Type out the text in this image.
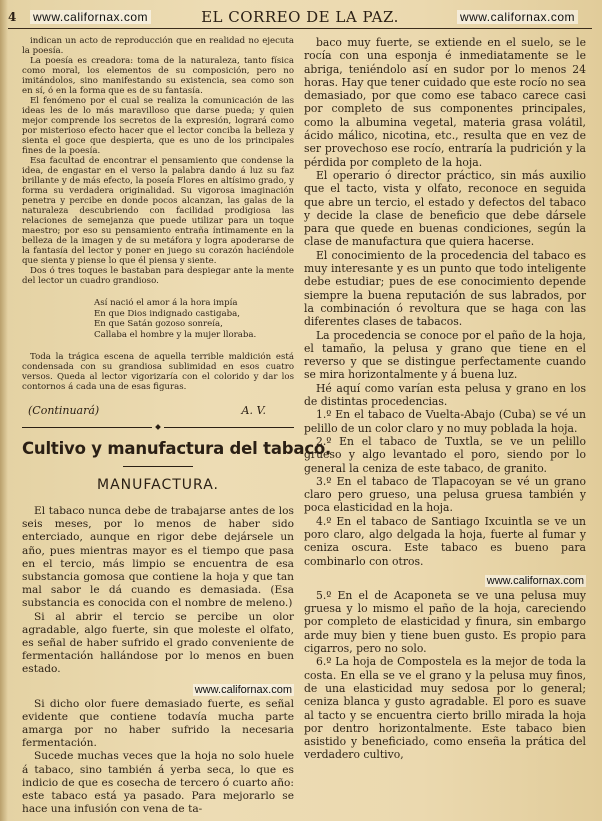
4 www.californax.com	EL CORREO DE LA PAZ.	www.californax.com

indican un acto de reproducción que en realidad no ejecuta la poesía.

La poesía es creadora: toma de la naturaleza, tanto física como moral, los elementos de su composición, pero no imitándolos, sino manifestando su existencia, sea como son en sí, ó en la forma que es de su fantasía.

El fenómeno por el cual se realiza la comunicación de las ideas les de lo más maravilloso que darse pueda; y quien mejor comprende los secretos de la expresión, logrará como por misterioso efecto hacer que el lector conciba la belleza y sienta el goce que despierta, que es uno de los principales fines de la poesía.

Esa facultad de encontrar el pensamiento que condense la idea, de engastar en el verso la palabra dando á luz su faz brillante y de más efecto, la poseía Flores en altísimo grado, y forma su verdadera originalidad. Su vigorosa imaginación penetra y percibe en donde pocos alcanzan, las galas de la naturaleza descubriendo con facilidad prodigiosa las relaciones de semejanza que puede utilizar para un toque maestro; por eso su pensamiento entraña íntimamente en la belleza de la imagen y de su metáfora y logra apoderarse de la fantasía del lector y poner en juego su corazón haciéndole que sienta y piense lo que él piensa y siente.

Dos ó tres toques le bastaban para despiegar ante la mente del lector un cuadro grandioso.

Así nació el amor á la hora impía
En que Dios indignado castigaba,
En que Satán gozoso sonreía,
Callaba el hombre y la mujer lloraba.

Toda la trágica escena de aquella terrible maldición está condensada con su grandiosa sublimidad en esos cuatro versos. Queda al lector vigorizaría con el colorido y dar los contornos á cada una de esas figuras.

(Continuará)	A. V.
Cultivo y manufactura del tabaco.
MANUFACTURA.

El tabaco nunca debe de trabajarse antes de los seis meses, por lo menos de haber sido enterciado, aunque en rigor debe dejársele un año, pues mientras mayor es el tiempo que pasa en el tercio, más limpio se encuentra de esa substancia gomosa que contiene la hoja y que tan mal sabor le dá cuando es demasiada. (Esa substancia es conocida con el nombre de meleno.)

Si al abrir el tercio se percibe un olor agradable, algo fuerte, sin que moleste el olfato, es señal de haber sufrido el grado conveniente de fermentación hallándose por lo menos en buen estado.

www.californax.com

Si dicho olor fuere demasiado fuerte, es señal evidente que contiene todavía mucha parte amarga por no haber sufrido la necesaria fermentación.

Sucede muchas veces que la hoja no solo huele á tabaco, sino también á yerba seca, lo que es indicio de que es cosecha de tercero ó cuarto año: este tabaco está ya pasado. Para mejorarlo se hace una infusión con vena de ta-

baco muy fuerte, se extiende en el suelo, se le rocía con una esponja é inmediatamente se le abriga, teniéndolo así en sudor por lo menos 24 horas. Hay que tener cuidado que este rocío no sea demasiado, por que como ese tabaco carece casi por completo de sus componentes principales, como la albumina vegetal, materia grasa volátil, ácido málico, nicotina, etc., resulta que en vez de ser provechoso ese rocío, entraría la pudrición y la pérdida por completo de la hoja.

El operario ó director práctico, sin más auxilio que el tacto, vista y olfato, reconoce en seguida que abre un tercio, el estado y defectos del tabaco y decide la clase de beneficio que debe dársele para que quede en buenas condiciones, según la clase de manufactura que quiera hacerse.

El conocimiento de la procedencia del tabaco es muy interesante y es un punto que todo inteligente debe estudiar; pues de ese conocimiento depende siempre la buena reputación de sus labrados, por la combinación ó revoltura que se haga con las diferentes clases de tabacos.

La procedencia se conoce por el paño de la hoja, el tamaño, la pelusa y grano que tiene en el reverso y que se distingue perfectamente cuando se mira horizontalmente y á buena luz.

Hé aquí como varían esta pelusa y grano en los de distintas procedencias.

1.º En el tabaco de Vuelta-Abajo (Cuba) se vé un pelillo de un color claro y no muy poblada la hoja.

2.º En el tabaco de Tuxtla, se ve un pelillo grueso y algo levantado el poro, siendo por lo general la ceniza de este tabaco, de granito.

3.º En el tabaco de Tlapacoyan se vé un grano claro pero grueso, una pelusa gruesa también y poca elasticidad en la hoja.

4.º En el tabaco de Santiago Ixcuintla se ve un poro claro, algo delgada la hoja, fuerte al fumar y ceniza oscura. Este tabaco es bueno para combinarlo con otros.

www.californax.com

5.º En el de Acaponeta se ve una pelusa muy gruesa y lo mismo el paño de la hoja, careciendo por completo de elasticidad y finura, sin embargo arde muy bien y tiene buen gusto. Es propio para cigarros, pero no solo.

6.º La hoja de Compostela es la mejor de toda la costa. En ella se ve el grano y la pelusa muy finos, de una elasticidad muy sedosa por lo general; ceniza blanca y gusto agradable. El poro es suave al tacto y se encuentra cierto brillo mirada la hoja por dentro horizontalmente. Este tabaco bien asistido y beneficiado, como enseña la prática del verdadero cultivo,
